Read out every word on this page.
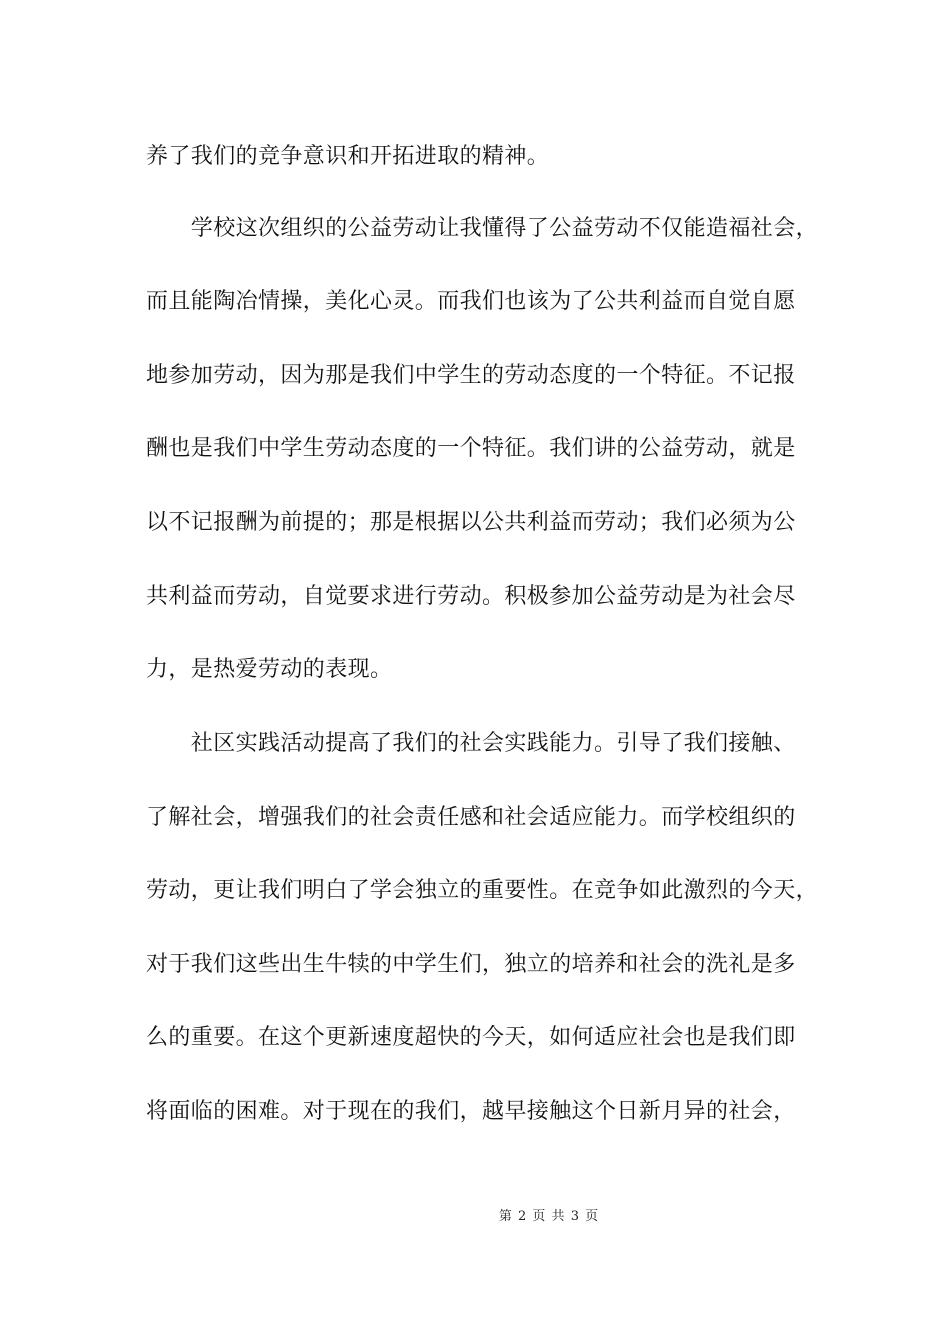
养了我们的竞争意识和开拓进取的精神。
　　学校这次组织的公益劳动让我懂得了公益劳动不仅能造福社会，
而且能陶冶情操，美化心灵。而我们也该为了公共利益而自觉自愿
地参加劳动，因为那是我们中学生的劳动态度的一个特征。不记报
酬也是我们中学生劳动态度的一个特征。我们讲的公益劳动，就是
以不记报酬为前提的；那是根据以公共利益而劳动；我们必须为公
共利益而劳动，自觉要求进行劳动。积极参加公益劳动是为社会尽
力，是热爱劳动的表现。
　　社区实践活动提高了我们的社会实践能力。引导了我们接触、
了解社会，增强我们的社会责任感和社会适应能力。而学校组织的
劳动，更让我们明白了学会独立的重要性。在竞争如此激烈的今天，
对于我们这些出生牛犊的中学生们，独立的培养和社会的洗礼是多
么的重要。在这个更新速度超快的今天，如何适应社会也是我们即
将面临的困难。对于现在的我们，越早接触这个日新月异的社会，
第 2 页 共 3 页
